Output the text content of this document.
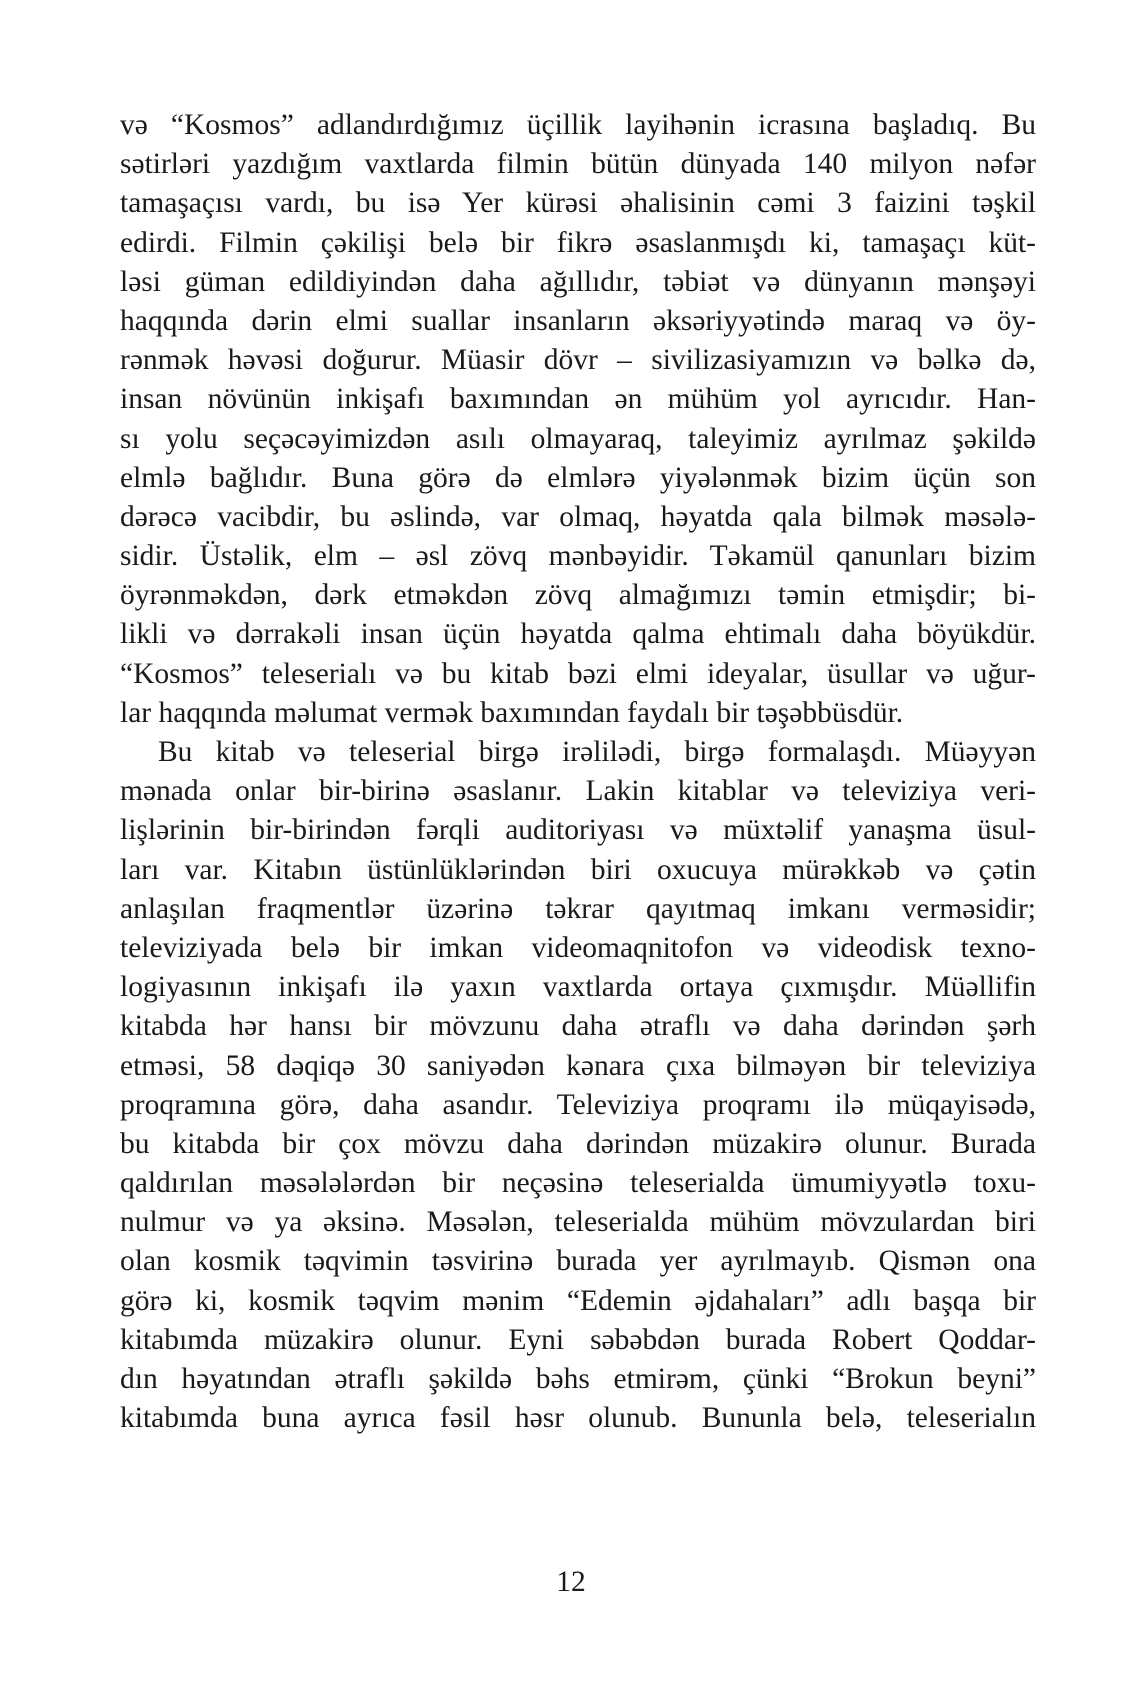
və “Kosmos” adlandırdığımız üçillik layihənin icrasına başladıq. Bu
sətirləri yazdığım vaxtlarda filmin bütün dünyada 140 milyon nəfər
tamaşaçısı vardı, bu isə Yer kürəsi əhalisinin cəmi 3 faizini təşkil
edirdi. Filmin çəkilişi belə bir fikrə əsaslanmışdı ki, tamaşaçı küt-
ləsi güman edildiyindən daha ağıllıdır, təbiət və dünyanın mənşəyi
haqqında dərin elmi suallar insanların əksəriyyətində maraq və öy-
rənmək həvəsi doğurur. Müasir dövr – sivilizasiyamızın və bəlkə də,
insan növünün inkişafı baxımından ən mühüm yol ayrıcıdır. Han-
sı yolu seçəcəyimizdən asılı olmayaraq, taleyimiz ayrılmaz şəkildə
elmlə bağlıdır. Buna görə də elmlərə yiyələnmək bizim üçün son
dərəcə vacibdir, bu əslində, var olmaq, həyatda qala bilmək məsələ-
sidir. Üstəlik, elm – əsl zövq mənbəyidir. Təkamül qanunları bizim
öyrənməkdən, dərk etməkdən zövq almağımızı təmin etmişdir; bi-
likli və dərrakəli insan üçün həyatda qalma ehtimalı daha böyükdür.
“Kosmos” teleserialı və bu kitab bəzi elmi ideyalar, üsullar və uğur-
lar haqqında məlumat vermək baxımından faydalı bir təşəbbüsdür.
Bu kitab və teleserial birgə irəlilədi, birgə formalaşdı. Müəyyən
mənada onlar bir-birinə əsaslanır. Lakin kitablar və televiziya veri-
lişlərinin bir-birindən fərqli auditoriyası və müxtəlif yanaşma üsul-
ları var. Kitabın üstünlüklərindən biri oxucuya mürəkkəb və çətin
anlaşılan fraqmentlər üzərinə təkrar qayıtmaq imkanı verməsidir;
televiziyada belə bir imkan videomaqnitofon və videodisk texno-
logiyasının inkişafı ilə yaxın vaxtlarda ortaya çıxmışdır. Müəllifin
kitabda hər hansı bir mövzunu daha ətraflı və daha dərindən şərh
etməsi, 58 dəqiqə 30 saniyədən kənara çıxa bilməyən bir televiziya
proqramına görə, daha asandır. Televiziya proqramı ilə müqayisədə,
bu kitabda bir çox mövzu daha dərindən müzakirə olunur. Burada
qaldırılan məsələlərdən bir neçəsinə teleserialda ümumiyyətlə toxu-
nulmur və ya əksinə. Məsələn, teleserialda mühüm mövzulardan biri
olan kosmik təqvimin təsvirinə burada yer ayrılmayıb. Qismən ona
görə ki, kosmik təqvim mənim “Edemin əjdahaları” adlı başqa bir
kitabımda müzakirə olunur. Eyni səbəbdən burada Robert Qoddar-
dın həyatından ətraflı şəkildə bəhs etmirəm, çünki “Brokun beyni”
kitabımda buna ayrıca fəsil həsr olunub. Bununla belə, teleserialın
12
